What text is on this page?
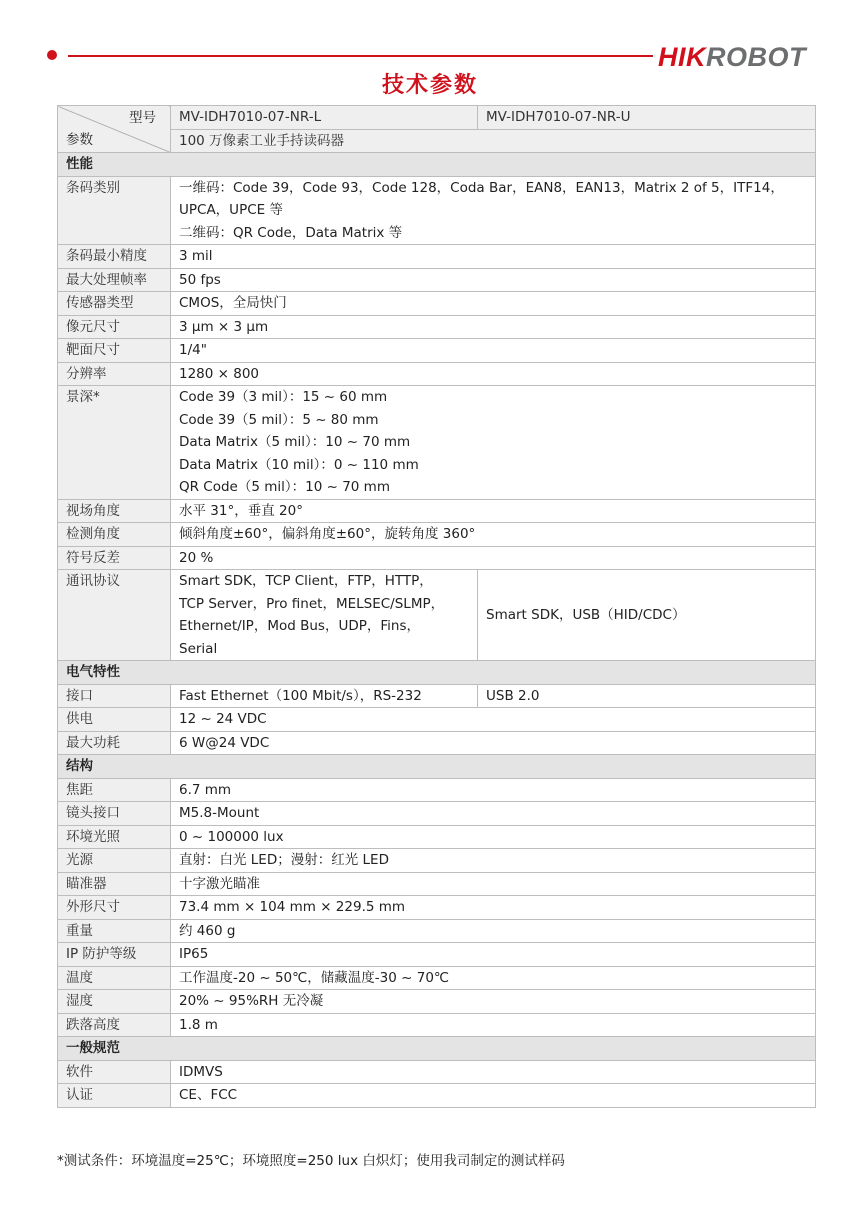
HIKROBOT
技术参数
型号
参数	MV-IDH7010-07-NR-L	MV-IDH7010-07-NR-U
	100 万像素工业手持读码器	
性能		
条码类别	一维码：Code 39，Code 93，Code 128，Coda Bar，EAN8，EAN13，Matrix 2 of 5，ITF14，
UPCA，UPCE 等
二维码：QR Code，Data Matrix 等	

条码最小精度	3 mil	
最大处理帧率	50 fps	
传感器类型	CMOS，全局快门	
像元尺寸	3 μm × 3 μm	
靶面尺寸	1/4"	
分辨率	1280 × 800	
景深*	Code 39（3 mil）：15 ~ 60 mm
Code 39（5 mil）：5 ~ 80 mm
Data Matrix（5 mil）：10 ~ 70 mm
Data Matrix（10 mil）：0 ~ 110 mm
QR Code（5 mil）：10 ~ 70 mm	

视场角度	水平 31°，垂直 20°	
检测角度	倾斜角度±60°，偏斜角度±60°，旋转角度 360°	
符号反差	20 %	
通讯协议	Smart SDK，TCP Client，FTP，HTTP，
TCP Server，Pro finet，MELSEC/SLMP，
Ethernet/IP，Mod Bus，UDP，Fins，
Serial	Smart SDK，USB（HID/CDC）
电气特性		
接口	Fast Ethernet（100 Mbit/s），RS-232	USB 2.0
供电	12 ~ 24 VDC	
最大功耗	6 W@24 VDC	
结构		
焦距	6.7 mm	
镜头接口	M5.8-Mount	
环境光照	0 ~ 100000 lux	
光源	直射：白光 LED；漫射：红光 LED	
瞄准器	十字激光瞄准	
外形尺寸	73.4 mm × 104 mm × 229.5 mm	
重量	约 460 g	
IP 防护等级	IP65	
温度	工作温度-20 ~ 50℃，储藏温度-30 ~ 70℃	
湿度	20% ~ 95%RH 无冷凝	
跌落高度	1.8 m	
一般规范		
软件	IDMVS	
认证	CE、FCC	
*测试条件：环境温度=25℃；环境照度=250 lux 白炽灯；使用我司制定的测试样码
